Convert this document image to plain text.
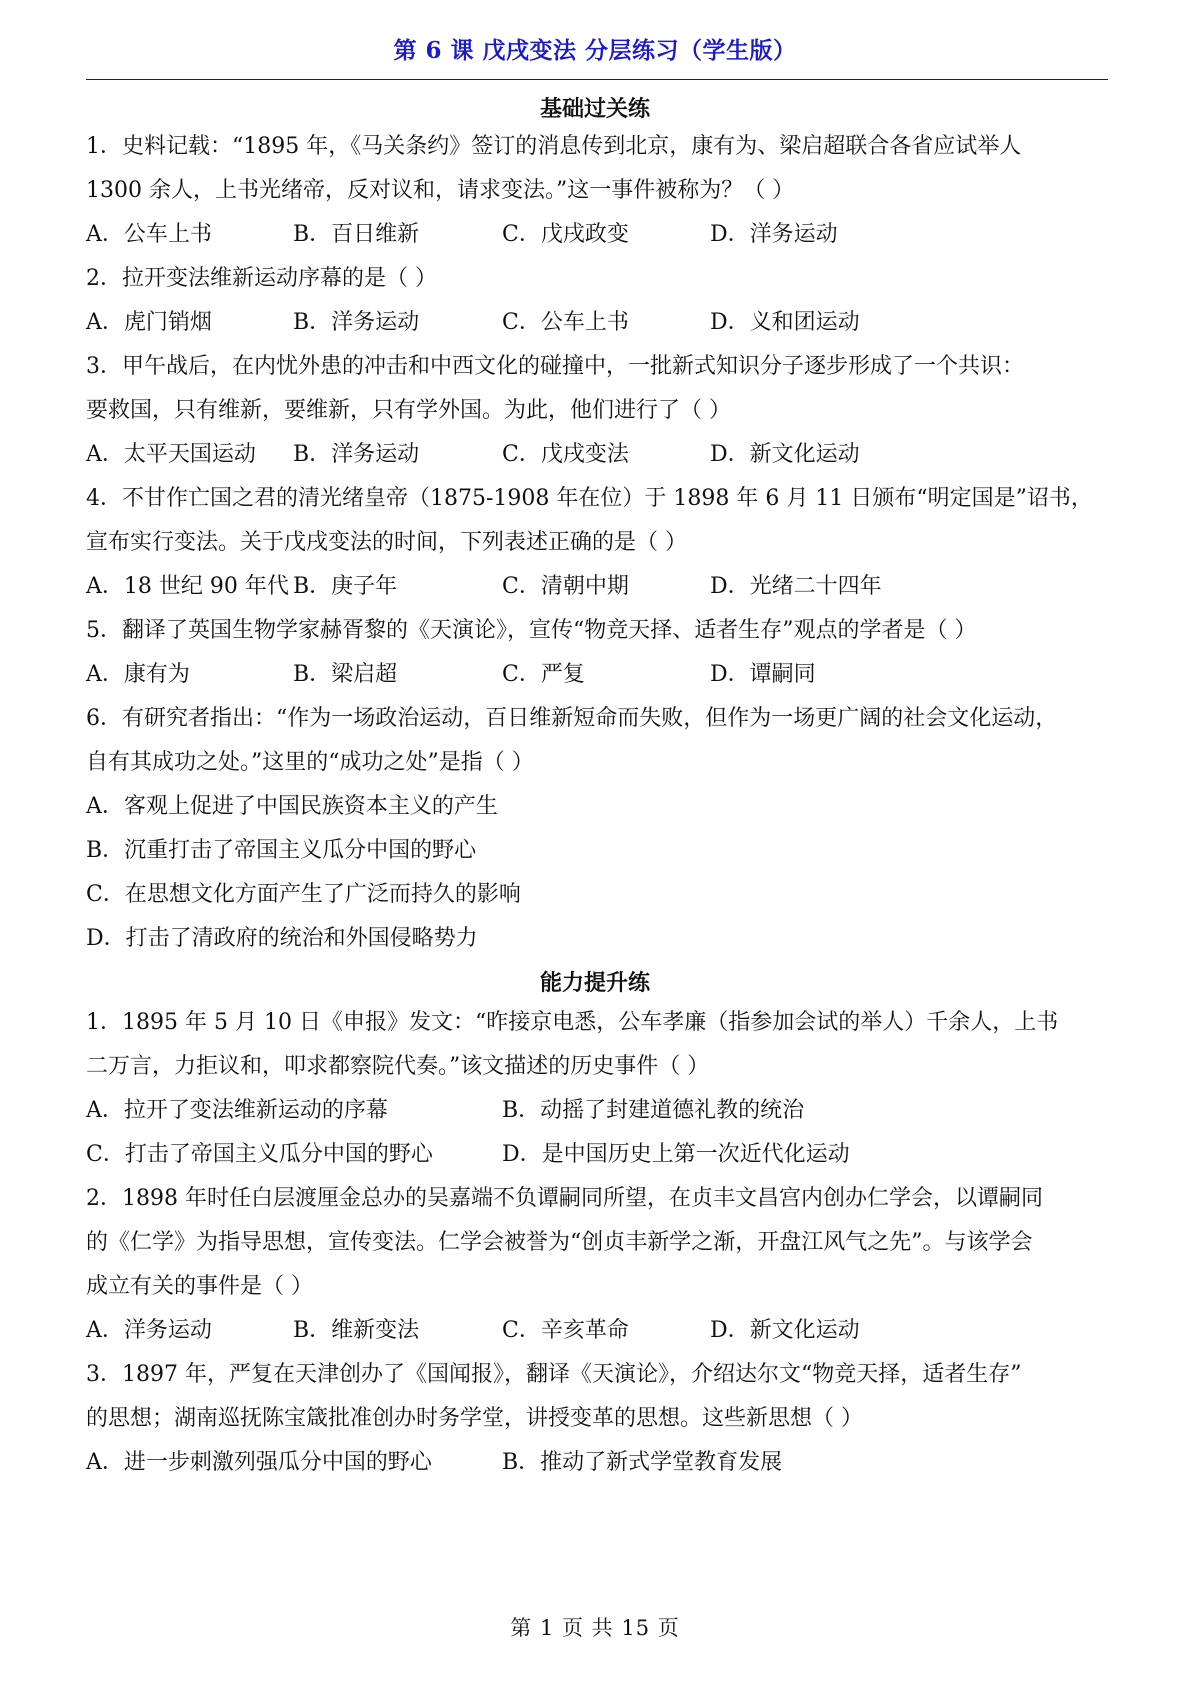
第 6 课 戊戌变法 分层练习（学生版）
基础过关练
1．史料记载：“1895 年，《马关条约》签订的消息传到北京，康有为、梁启超联合各省应试举人
1300 余人，上书光绪帝，反对议和，请求变法。”这一事件被称为？（ ）
A．公车上书	B．百日维新	C．戊戌政变	D．洋务运动
2．拉开变法维新运动序幕的是（ ）
A．虎门销烟	B．洋务运动	C．公车上书	D．义和团运动
3．甲午战后，在内忧外患的冲击和中西文化的碰撞中，一批新式知识分子逐步形成了一个共识：
要救国，只有维新，要维新，只有学外国。为此，他们进行了（ ）
A．太平天国运动 B．洋务运动	C．戊戌变法	D．新文化运动
4．不甘作亡国之君的清光绪皇帝（1875-1908 年在位）于 1898 年 6 月 11 日颁布“明定国是”诏书，
宣布实行变法。关于戊戌变法的时间，下列表述正确的是（ ）
A．18 世纪 90 年代 B．庚子年	C．清朝中期	D．光绪二十四年
5．翻译了英国生物学家赫胥黎的《天演论》，宣传“物竞天择、适者生存”观点的学者是（ ）
A．康有为	B．梁启超	C．严复	D．谭嗣同
6．有研究者指出：“作为一场政治运动，百日维新短命而失败，但作为一场更广阔的社会文化运动，
自有其成功之处。”这里的“成功之处”是指（ ）
A．客观上促进了中国民族资本主义的产生
B．沉重打击了帝国主义瓜分中国的野心
C．在思想文化方面产生了广泛而持久的影响
D．打击了清政府的统治和外国侵略势力
能力提升练
1．1895 年 5 月 10 日《申报》发文：“昨接京电悉，公车孝廉（指参加会试的举人）千余人，上书
二万言，力拒议和，叩求都察院代奏。”该文描述的历史事件（ ）
A．拉开了变法维新运动的序幕	B．动摇了封建道德礼教的统治
C．打击了帝国主义瓜分中国的野心	D．是中国历史上第一次近代化运动
2．1898 年时任白层渡厘金总办的吴嘉端不负谭嗣同所望，在贞丰文昌宫内创办仁学会，以谭嗣同
的《仁学》为指导思想，宣传变法。仁学会被誉为“创贞丰新学之渐，开盘江风气之先”。与该学会
成立有关的事件是（ ）
A．洋务运动	B．维新变法	C．辛亥革命	D．新文化运动
3．1897 年，严复在天津创办了《国闻报》，翻译《天演论》，介绍达尔文“物竞天择，适者生存”
的思想；湖南巡抚陈宝箴批准创办时务学堂，讲授变革的思想。这些新思想（ ）
A．进一步刺激列强瓜分中国的野心	B．推动了新式学堂教育发展
第 1 页 共 15 页
